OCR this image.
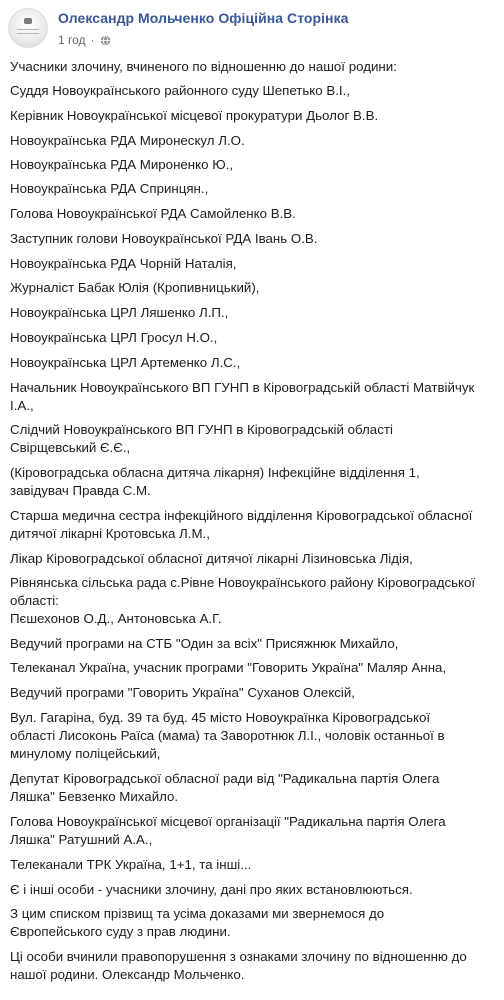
Олександр Мольченко Офіційна Сторінка
1 год ·
Учасники злочину, вчиненого по відношенню до нашої родини:
Суддя Новоукраїнського районного суду Шепетько В.І.,
Керівник Новоукраїнської місцевої прокуратури Дьолог В.В.
Новоукраїнська РДА Миронескул Л.О.
Новоукраїнська РДА Мироненко Ю.,
Новоукраїнська РДА Спринцян.,
Голова Новоукраїнської РДА Самойленко В.В.
Заступник голови Новоукраїнської РДА Івань О.В.
Новоукраїнська РДА Чорній Наталія,
Журналіст Бабак Юлія (Кропивницький),
Новоукраїнська ЦРЛ Ляшенко Л.П.,
Новоукраїнська ЦРЛ Гросул Н.О.,
Новоукраїнська ЦРЛ Артеменко Л.С.,
Начальник Новоукраїнського ВП ГУНП в Кіровоградській області Матвійчук
І.А.,
Слідчий Новоукраїнського ВП ГУНП в Кіровоградській області
Свірщевський Є.Є.,
(Кіровоградська обласна дитяча лікарня) Інфекційне відділення 1,
завідувач Правда С.М.
Старша медична сестра інфекційного відділення Кіровоградської обласної
дитячої лікарні Кротовська Л.М.,
Лікар Кіровоградської обласної дитячої лікарні Лізиновська Лідія,
Рівнянська сільська рада с.Рівне Новоукраїнського району Кіровоградської
області:
Пєшехонов О.Д., Антоновська А.Г.
Ведучий програми на СТБ "Один за всіх" Присяжнюк Михайло,
Телеканал Україна, учасник програми "Говорить Україна" Маляр Анна,
Ведучий програми "Говорить Україна" Суханов Олексій,
Вул. Гагаріна, буд. 39 та буд. 45 місто Новоукраїнка Кіровоградської
області Лисоконь Раїса (мама) та Заворотнюк Л.І., чоловік останньої в
минулому поліцейський,
Депутат Кіровоградської обласної ради від "Радикальна партія Олега
Ляшка" Бевзенко Михайло.
Голова Новоукраїнської місцевої організації "Радикальна партія Олега
Ляшка" Ратушний А.А.,
Телеканали ТРК Україна, 1+1, та інші...
Є і інші особи - учасники злочину, дані про яких встановлюються.
З цим списком прізвищ та усіма доказами ми звернемося до
Європейського суду з прав людини.
Ці особи вчинили правопорушення з ознаками злочину по відношенню до
нашої родини. Олександр Мольченко.
